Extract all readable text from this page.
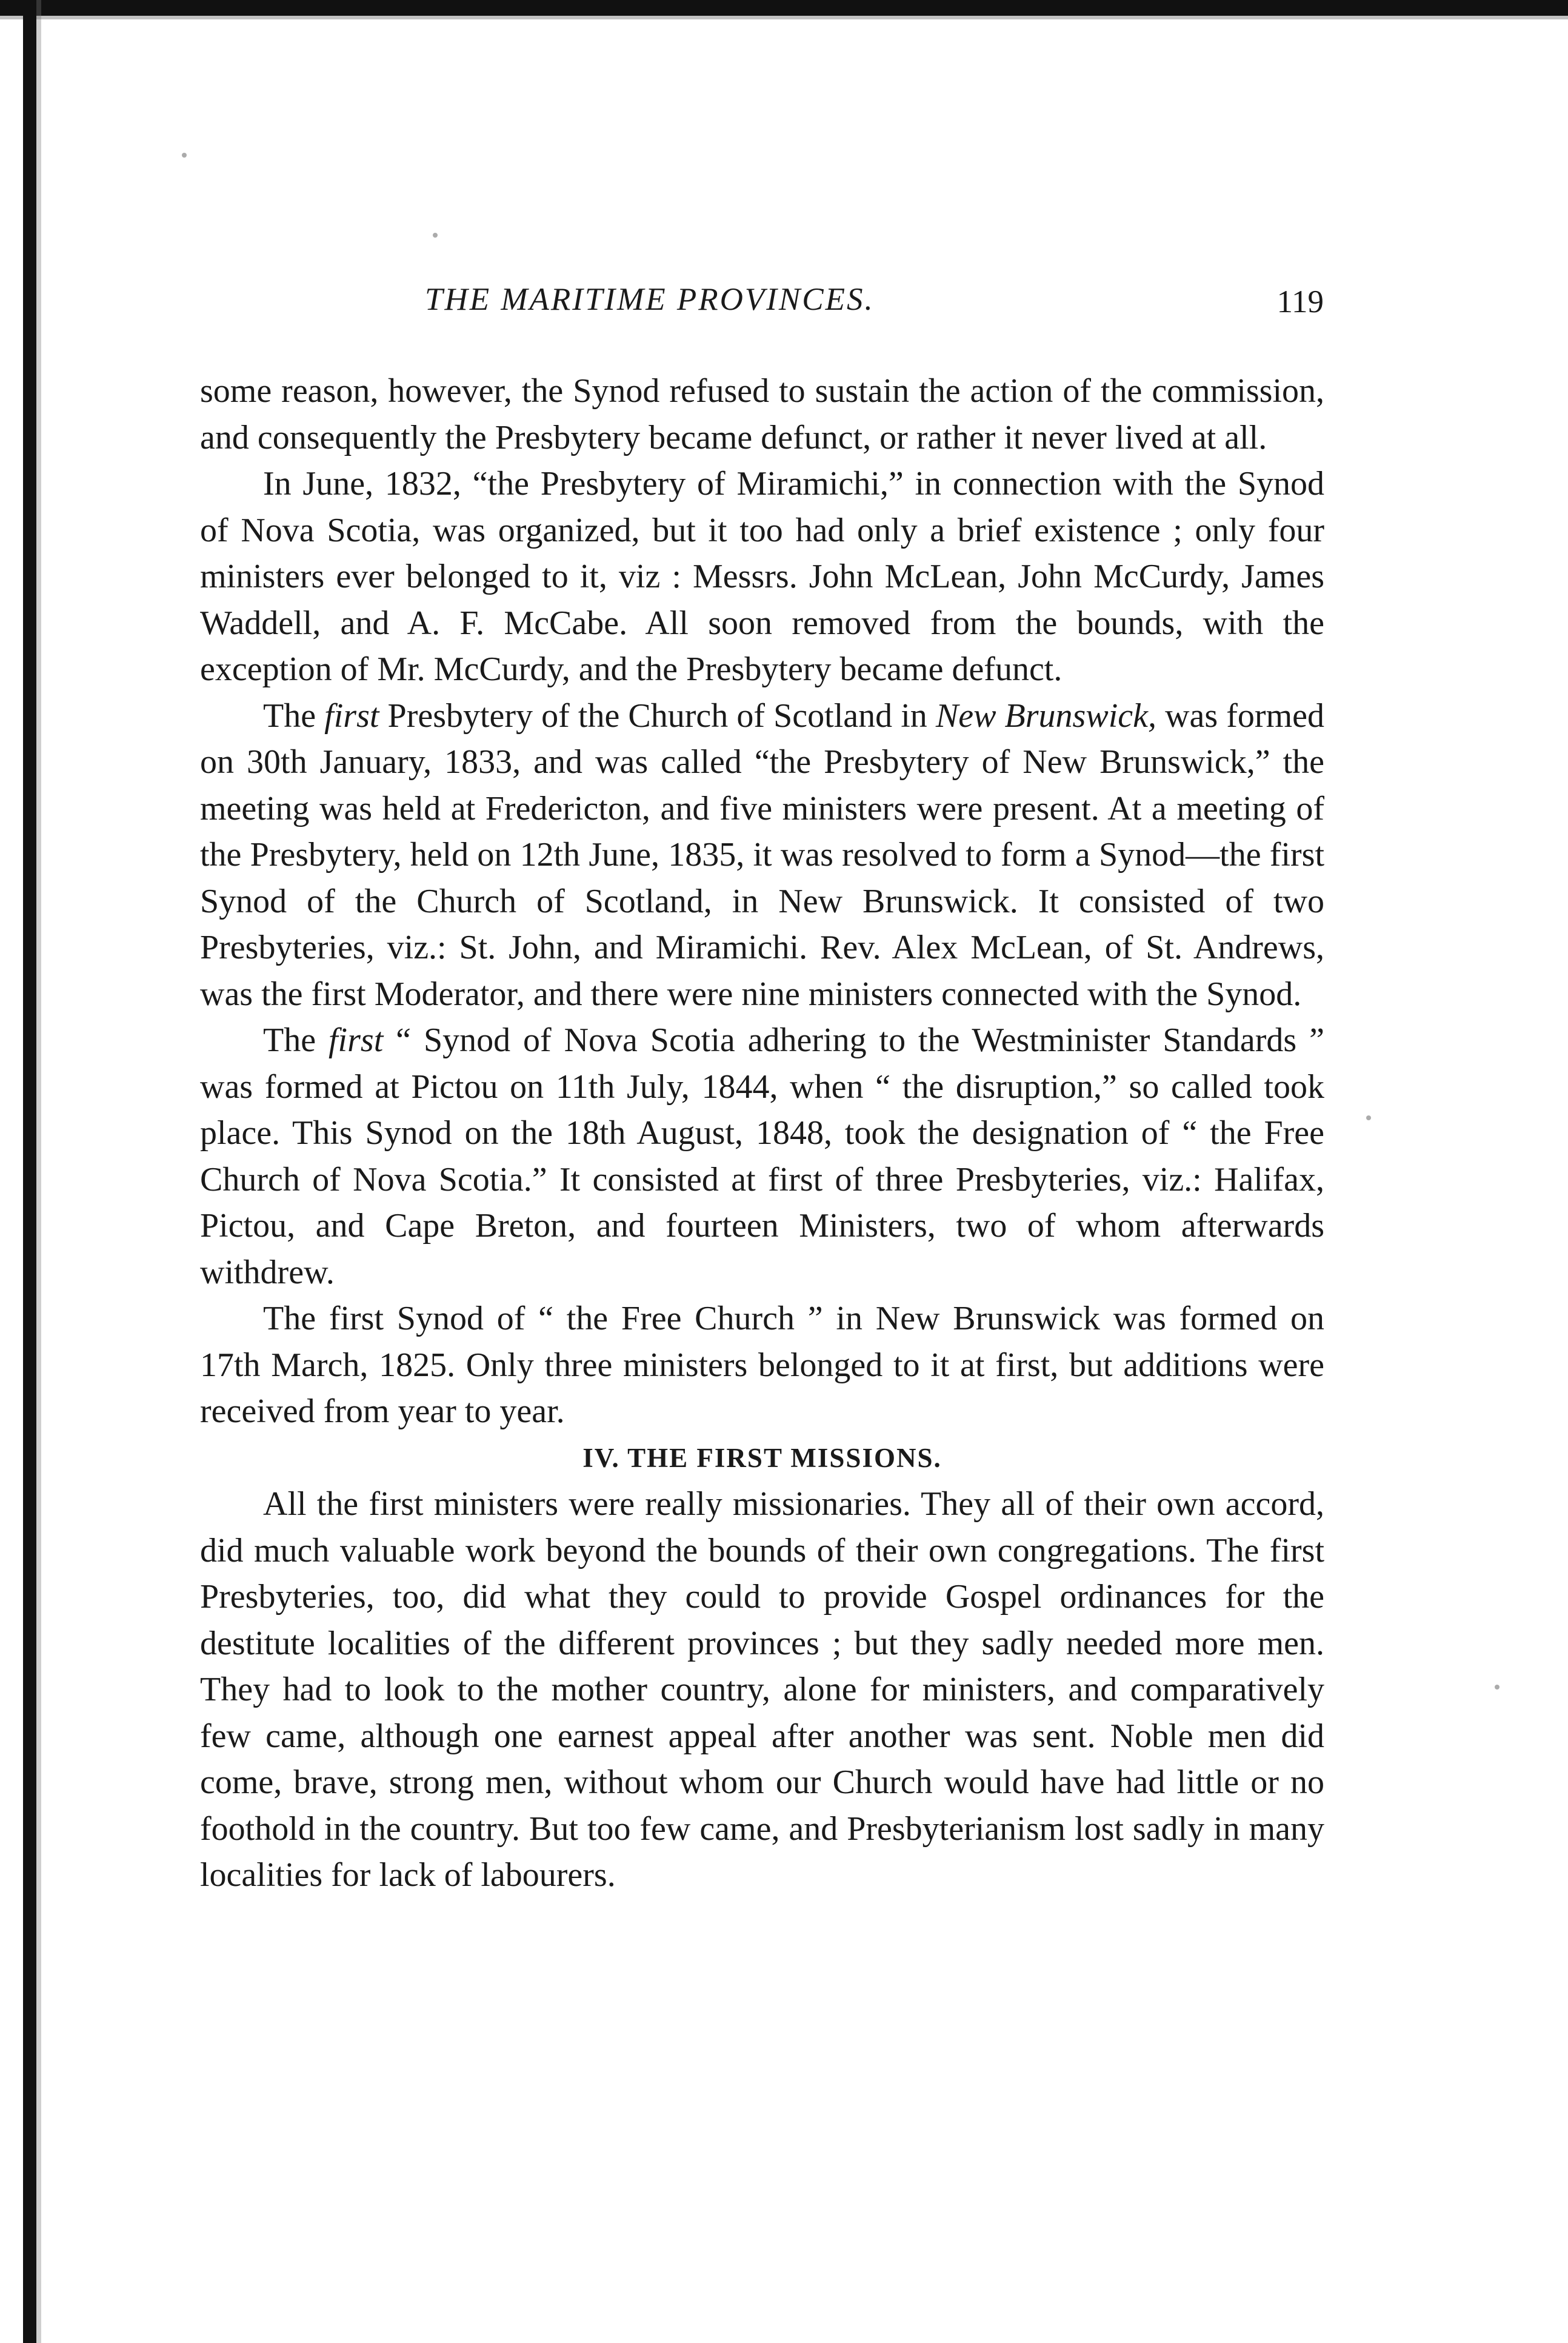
THE MARITIME PROVINCES.	119

some reason, however, the Synod refused to sustain the action of the commission, and consequently the Presbytery became defunct, or rather it never lived at all.

In June, 1832, “the Presbytery of Miramichi,” in connection with the Synod of Nova Scotia, was organized, but it too had only a brief existence ; only four ministers ever belonged to it, viz : Messrs. John McLean, John McCurdy, James Waddell, and A. F. McCabe. All soon removed from the bounds, with the exception of Mr. McCurdy, and the Presbytery became defunct.

The first Presbytery of the Church of Scotland in New Brunswick, was formed on 30th January, 1833, and was called “the Presbytery of New Brunswick,” the meeting was held at Fredericton, and five ministers were present. At a meeting of the Presbytery, held on 12th June, 1835, it was resolved to form a Synod—the first Synod of the Church of Scotland, in New Brunswick. It consisted of two Presbyteries, viz.: St. John, and Miramichi. Rev. Alex McLean, of St. Andrews, was the first Moderator, and there were nine ministers connected with the Synod.

The first “ Synod of Nova Scotia adhering to the Westminister Standards ” was formed at Pictou on 11th July, 1844, when “ the disruption,” so called took place. This Synod on the 18th August, 1848, took the designation of “ the Free Church of Nova Scotia.” It consisted at first of three Presbyteries, viz.: Halifax, Pictou, and Cape Breton, and fourteen Ministers, two of whom afterwards withdrew.

The first Synod of “ the Free Church ” in New Brunswick was formed on 17th March, 1825. Only three ministers belonged to it at first, but additions were received from year to year.

IV. THE FIRST MISSIONS.

All the first ministers were really missionaries. They all of their own accord, did much valuable work beyond the bounds of their own congregations. The first Presbyteries, too, did what they could to provide Gospel ordinances for the destitute localities of the different provinces ; but they sadly needed more men. They had to look to the mother country, alone for ministers, and comparatively few came, although one earnest appeal after another was sent. Noble men did come, brave, strong men, without whom our Church would have had little or no foothold in the country. But too few came, and Presbyterianism lost sadly in many localities for lack of labourers.
